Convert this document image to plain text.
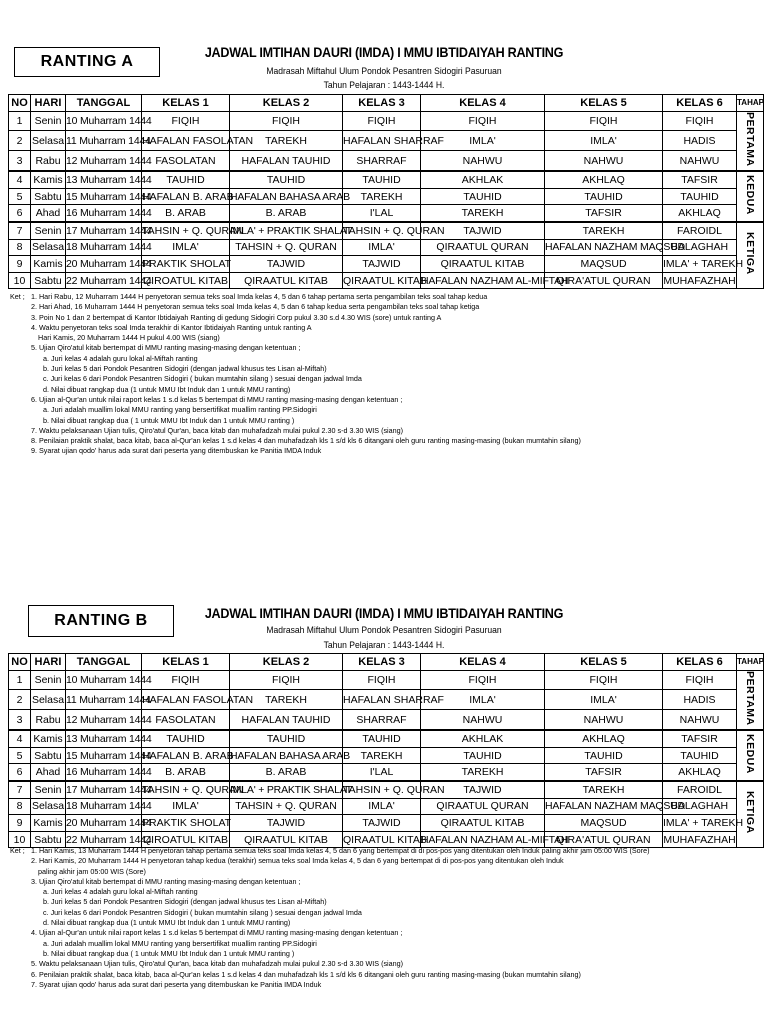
RANTING A
JADWAL IMTIHAN DAURI (IMDA) I MMU IBTIDAIYAH RANTING
Madrasah Miftahul Ulum Pondok Pesantren Sidogiri Pasuruan
Tahun Pelajaran : 1443-1444 H.
NO	HARI	TANGGAL	KELAS 1	KELAS 2	KELAS 3	KELAS 4	KELAS 5	KELAS 6	TAHAP
1	Senin	10 Muharram 1444	FIQIH	FIQIH	FIQIH	FIQIH	FIQIH	FIQIH	PERTAMA
2	Selasa	11 Muharram 1444	HAFALAN FASOLATAN	TAREKH	HAFALAN SHARRAF	IMLA'	IMLA'	HADIS	
3	Rabu	12 Muharram 1444	FASOLATAN	HAFALAN TAUHID	SHARRAF	NAHWU	NAHWU	NAHWU	
4	Kamis	13 Muharram 1444	TAUHID	TAUHID	TAUHID	AKHLAK	AKHLAQ	TAFSIR	KEDUA
5	Sabtu	15 Muharram 1444	HAFALAN B. ARAB	HAFALAN BAHASA ARAB	TAREKH	TAUHID	TAUHID	TAUHID	
6	Ahad	16 Muharram 1444	B. ARAB	B. ARAB	I'LAL	TAREKH	TAFSIR	AKHLAQ	
7	Senin	17 Muharram 1444	TAHSIN + Q. QURAN	IMLA' + PRAKTIK SHALAT	TAHSIN + Q. QURAN	TAJWID	TAREKH	FAROIDL	KETIGA
8	Selasa	18 Muharram 1444	IMLA'	TAHSIN + Q. QURAN	IMLA'	QIRAATUL QURAN	HAFALAN NAZHAM MAQSUD	BALAGHAH	
9	Kamis	20 Muharram 1444	PRAKTIK SHOLAT	TAJWID	TAJWID	QIRAATUL KITAB	MAQSUD	IMLA' + TAREKH	
10	Sabtu	22 Muharram 1444	QIROATUL KITAB	QIRAATUL KITAB	QIRAATUL KITAB	HAFALAN NAZHAM AL-MIFTAH	QIRA'ATUL QURAN	MUHAFAZHAH	
Ket ; 1. Hari Rabu, 12 Muharram 1444 H penyetoran semua teks soal Imda kelas 4, 5 dan 6 tahap pertama serta pengambilan teks soal tahap kedua
2. Hari Ahad, 16 Muharram 1444 H penyetoran semua teks soal Imda kelas 4, 5 dan 6 tahap kedua serta pengambilan teks soal tahap ketiga
3. Poin No 1 dan 2 bertempat di Kantor Ibtidaiyah Ranting di gedung Sidogiri Corp pukul 3.30 s.d 4.30 WIS (sore) untuk ranting A
4. Waktu penyetoran teks soal Imda terakhir di Kantor Ibtidaiyah Ranting untuk ranting A
Hari Kamis, 20 Muharram 1444 H pukul 4.00 WIS (siang)
5. Ujian Qiro'atul kitab bertempat di MMU ranting masing-masing dengan ketentuan ;
a. Juri kelas 4 adalah guru lokal al-Miftah ranting
b. Juri kelas 5 dari Pondok Pesantren Sidogiri (dengan jadwal khusus tes Lisan al-Miftah)
c. Juri kelas 6 dari Pondok Pesantren Sidogiri ( bukan mumtahin silang ) sesuai dengan jadwal Imda
d. Nilai dibuat rangkap dua (1 untuk MMU Ibt Induk dan 1 untuk MMU ranting)
6. Ujian al-Qur'an untuk nilai raport kelas 1 s.d kelas 5 bertempat di MMU ranting masing-masing dengan ketentuan ;
a. Juri adalah muallim lokal MMU ranting yang bersertifikat muallim ranting PP.Sidogiri
b. Nilai dibuat rangkap dua ( 1 untuk MMU Ibt Induk dan 1 untuk MMU ranting )
7. Waktu pelaksanaan Ujian tulis, Qiro'atul Qur'an, baca kitab dan muhafadzah mulai pukul 2.30 s-d 3.30 WIS (siang)
8. Penilaian praktik shalat, baca kitab, baca al-Qur'an kelas 1 s.d kelas 4 dan muhafadzah kls 1 s/d kls 6 ditangani oleh guru ranting masing-masing (bukan mumtahin silang)
9. Syarat ujian qodo' harus ada surat dari peserta yang ditembuskan ke Panitia IMDA Induk
RANTING B	JADWAL IMTIHAN DAURI (IMDA) I MMU IBTIDAIYAH RANTING
Madrasah Miftahul Ulum Pondok Pesantren Sidogiri Pasuruan
Tahun Pelajaran : 1443-1444 H.
NO	HARI	TANGGAL	KELAS 1	KELAS 2	KELAS 3	KELAS 4	KELAS 5	KELAS 6	TAHAP
1	Senin	10 Muharram 1444	FIQIH	FIQIH	FIQIH	FIQIH	FIQIH	FIQIH	PERTAMA
2	Selasa	11 Muharram 1444	HAFALAN FASOLATAN	TAREKH	HAFALAN SHARRAF	IMLA'	IMLA'	HADIS	
3	Rabu	12 Muharram 1444	FASOLATAN	HAFALAN TAUHID	SHARRAF	NAHWU	NAHWU	NAHWU	
4	Kamis	13 Muharram 1444	TAUHID	TAUHID	TAUHID	AKHLAK	AKHLAQ	TAFSIR	KEDUA
5	Sabtu	15 Muharram 1444	HAFALAN B. ARAB	HAFALAN BAHASA ARAB	TAREKH	TAUHID	TAUHID	TAUHID	
6	Ahad	16 Muharram 1444	B. ARAB	B. ARAB	I'LAL	TAREKH	TAFSIR	AKHLAQ	
7	Senin	17 Muharram 1444	TAHSIN + Q. QURAN	IMLA' + PRAKTIK SHALAT	TAHSIN + Q. QURAN	TAJWID	TAREKH	FAROIDL	KETIGA
8	Selasa	18 Muharram 1444	IMLA'	TAHSIN + Q. QURAN	IMLA'	QIRAATUL QURAN	HAFALAN NAZHAM MAQSUD	BALAGHAH	
9	Kamis	20 Muharram 1444	PRAKTIK SHOLAT	TAJWID	TAJWID	QIRAATUL KITAB	MAQSUD	IMLA' + TAREKH	
10	Sabtu	22 Muharram 1444	QIROATUL KITAB	QIRAATUL KITAB	QIRAATUL KITAB	HAFALAN NAZHAM AL-MIFTAH	QIRA'ATUL QURAN	MUHAFAZHAH	
Ket ; 1. Hari Kamis, 13 Muharram 1444 H penyetoran tahap pertama semua teks soal Imda kelas 4, 5 dan 6 yang bertempat di di pos-pos yang ditentukan oleh Induk paling akhir jam 05:00 WIS (Sore)
2. Hari Kamis, 20 Muharram 1444 H penyetoran tahap kedua (terakhir) semua teks soal Imda kelas 4, 5 dan 6 yang bertempat di di pos-pos yang ditentukan oleh Induk
paling akhir jam 05:00 WIS (Sore)
3. Ujian Qiro'atul kitab bertempat di MMU ranting masing-masing dengan ketentuan ;
a. Juri kelas 4 adalah guru lokal al-Miftah ranting
b. Juri kelas 5 dari Pondok Pesantren Sidogiri (dengan jadwal khusus tes Lisan al-Miftah)
c. Juri kelas 6 dari Pondok Pesantren Sidogiri ( bukan mumtahin silang ) sesuai dengan jadwal Imda
d. Nilai dibuat rangkap dua (1 untuk MMU Ibt Induk dan 1 untuk MMU ranting)
4. Ujian al-Qur'an untuk nilai raport kelas 1 s.d kelas 5 bertempat di MMU ranting masing-masing dengan ketentuan ;
a. Juri adalah muallim lokal MMU ranting yang bersertifikat muallim ranting PP.Sidogiri
b. Nilai dibuat rangkap dua ( 1 untuk MMU Ibt Induk dan 1 untuk MMU ranting )
5. Waktu pelaksanaan Ujian tulis, Qiro'atul Qur'an, baca kitab dan muhafadzah mulai pukul 2.30 s-d 3.30 WIS (siang)
6. Penilaian praktik shalat, baca kitab, baca al-Qur'an kelas 1 s.d kelas 4 dan muhafadzah kls 1 s/d kls 6 ditangani oleh guru ranting masing-masing (bukan mumtahin silang)
7. Syarat ujian qodo' harus ada surat dari peserta yang ditembuskan ke Panitia IMDA Induk
